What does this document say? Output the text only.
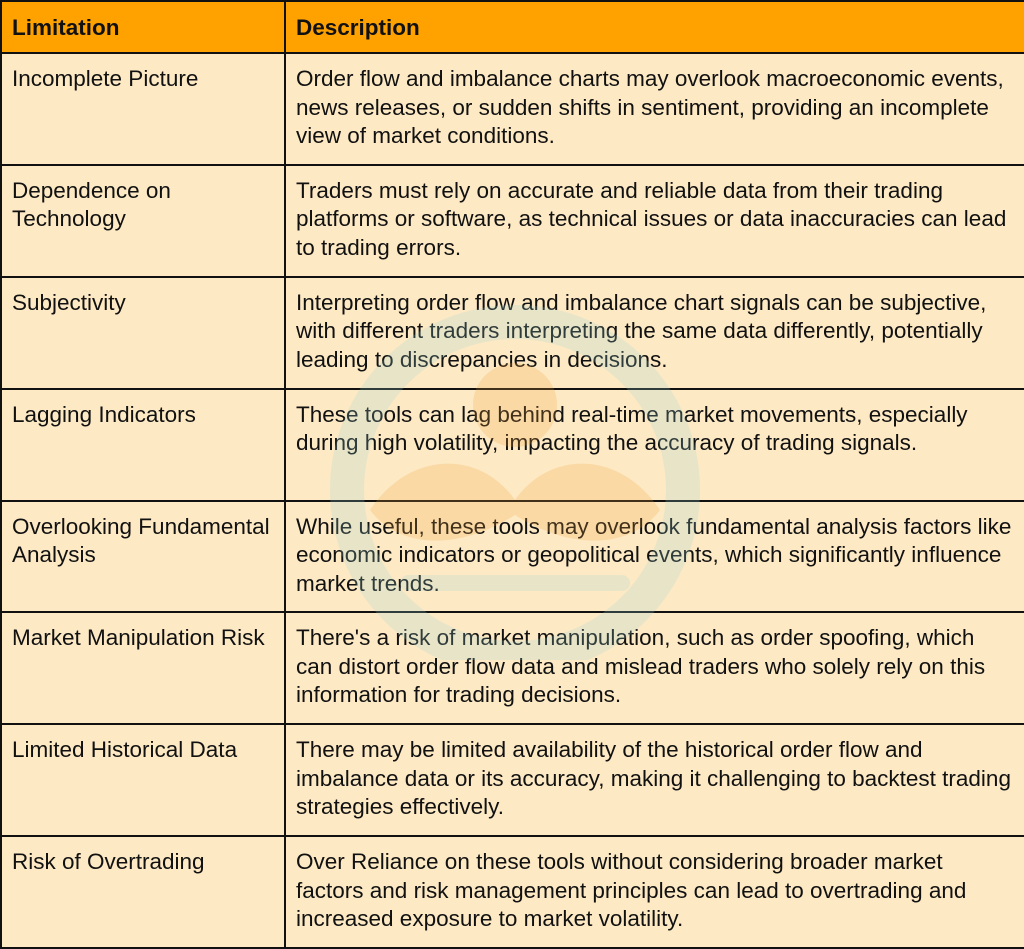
Limitation	Description
Incomplete Picture	Order flow and imbalance charts may overlook macroeconomic events, news releases, or sudden shifts in sentiment, providing an incomplete view of market conditions.
Dependence on Technology	Traders must rely on accurate and reliable data from their trading platforms or software, as technical issues or data inaccuracies can lead to trading errors.
Subjectivity	Interpreting order flow and imbalance chart signals can be subjective, with different traders interpreting the same data differently, potentially leading to discrepancies in decisions.
Lagging Indicators	These tools can lag behind real-time market movements, especially during high volatility, impacting the accuracy of trading signals.
Overlooking Fundamental Analysis	While useful, these tools may overlook fundamental analysis factors like economic indicators or geopolitical events, which significantly influence market trends.
Market Manipulation Risk	There's a risk of market manipulation, such as order spoofing, which can distort order flow data and mislead traders who solely rely on this information for trading decisions.
Limited Historical Data	There may be limited availability of the historical order flow and imbalance data or its accuracy, making it challenging to backtest trading strategies effectively.
Risk of Overtrading	Over Reliance on these tools without considering broader market factors and risk management principles can lead to overtrading and increased exposure to market volatility.
